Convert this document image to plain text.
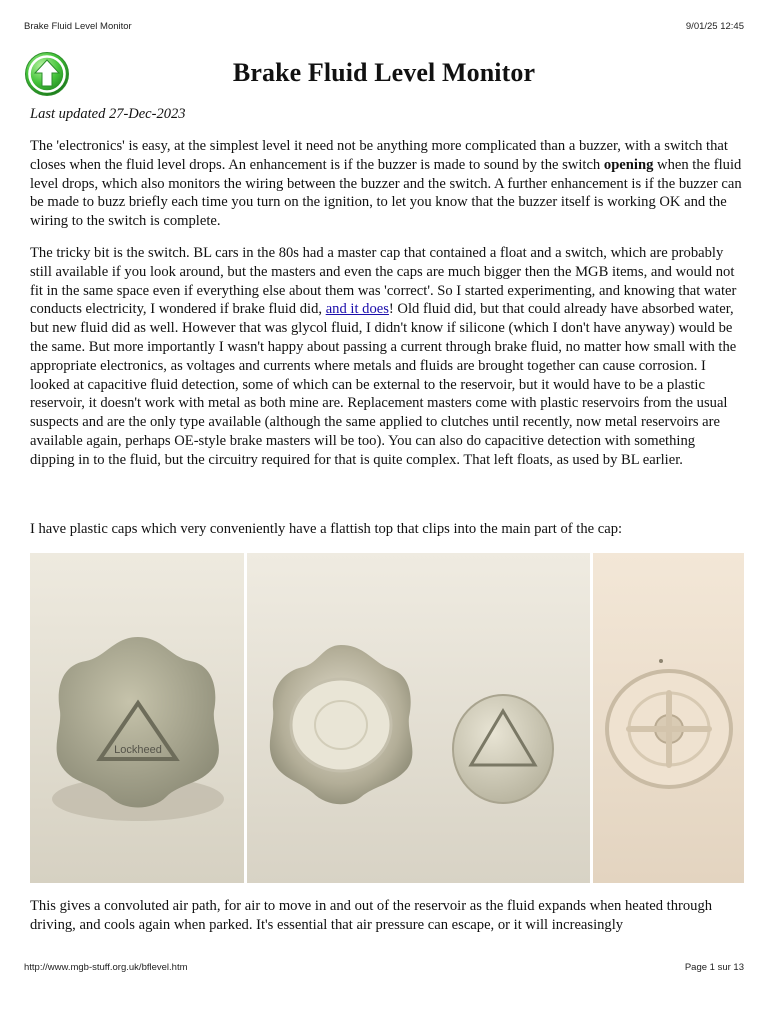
Brake Fluid Level Monitor	9/01/25 12:45
Brake Fluid Level Monitor

Last updated 27-Dec-2023

The 'electronics' is easy, at the simplest level it need not be anything more complicated than a buzzer, with a switch that closes when the fluid level drops. An enhancement is if the buzzer is made to sound by the switch opening when the fluid level drops, which also monitors the wiring between the buzzer and the switch. A further enhancement is if the buzzer can be made to buzz briefly each time you turn on the ignition, to let you know that the buzzer itself is working OK and the wiring to the switch is complete.

The tricky bit is the switch. BL cars in the 80s had a master cap that contained a float and a switch, which are probably still available if you look around, but the masters and even the caps are much bigger then the MGB items, and would not fit in the same space even if everything else about them was 'correct'. So I started experimenting, and knowing that water conducts electricity, I wondered if brake fluid did, and it does! Old fluid did, but that could already have absorbed water, but new fluid did as well. However that was glycol fluid, I didn't know if silicone (which I don't have anyway) would be the same. But more importantly I wasn't happy about passing a current through brake fluid, no matter how small with the appropriate electronics, as voltages and currents where metals and fluids are brought together can cause corrosion. I looked at capacitive fluid detection, some of which can be external to the reservoir, but it would have to be a plastic reservoir, it doesn't work with metal as both mine are. Replacement masters come with plastic reservoirs from the usual suspects and are the only type available (although the same applied to clutches until recently, now metal reservoirs are available again, perhaps OE-style brake masters will be too). You can also do capacitive detection with something dipping in to the fluid, but the circuitry required for that is quite complex. That left floats, as used by BL earlier.

I have plastic caps which very conveniently have a flattish top that clips into the main part of the cap:

Lockheed

This gives a convoluted air path, for air to move in and out of the reservoir as the fluid expands when heated through driving, and cools again when parked. It's essential that air pressure can escape, or it will increasingly

http://www.mgb-stuff.org.uk/bflevel.htm	Page 1 sur 13
